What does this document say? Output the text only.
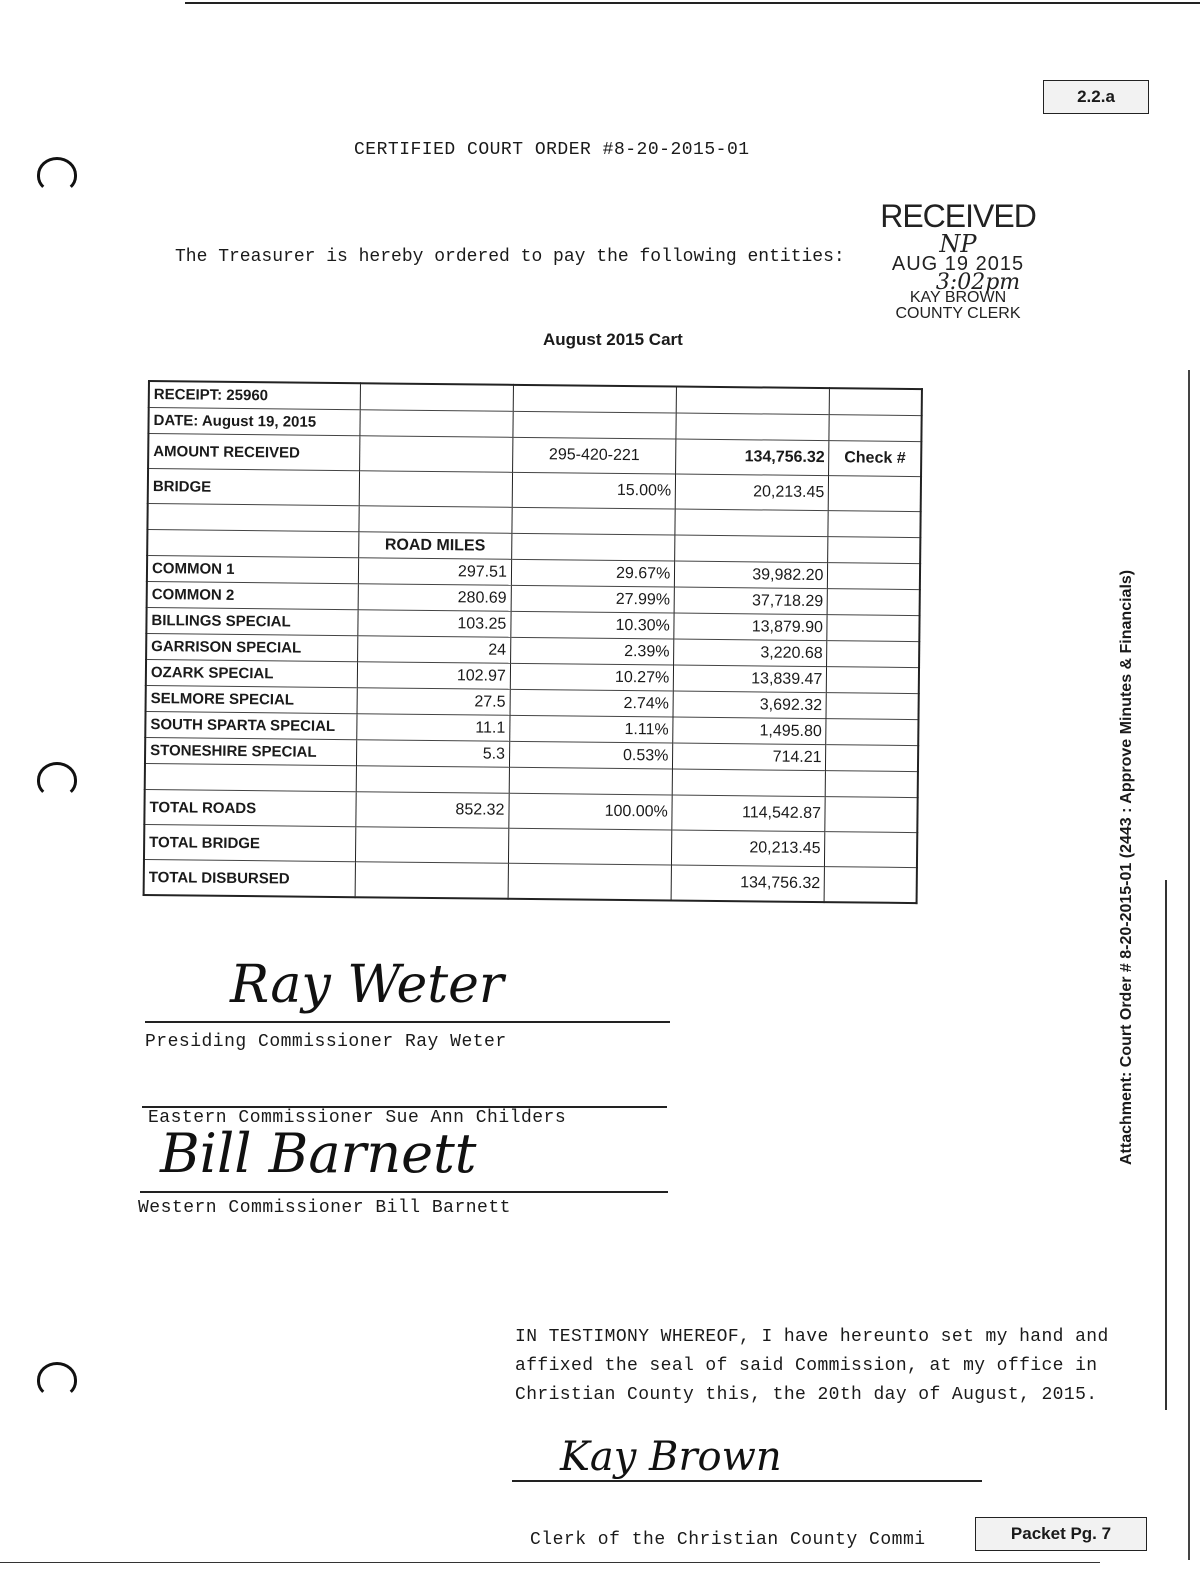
2.2.a
CERTIFIED COURT ORDER #8-20-2015-01
The Treasurer is hereby ordered to pay the following entities:
August 2015 Cart
RECEIVED
NP
AUG 19 2015
3:02pm
KAY BROWN
COUNTY CLERK
RECEIPT: 25960				
DATE: August 19, 2015				
AMOUNT RECEIVED		295-420-221	134,756.32	Check #
BRIDGE		15.00%	20,213.45	

	ROAD MILES			
COMMON 1	297.51	29.67%	39,982.20	
COMMON 2	280.69	27.99%	37,718.29	
BILLINGS SPECIAL	103.25	10.30%	13,879.90	
GARRISON SPECIAL	24	2.39%	3,220.68	
OZARK SPECIAL	102.97	10.27%	13,839.47	
SELMORE SPECIAL	27.5	2.74%	3,692.32	
SOUTH SPARTA SPECIAL	11.1	1.11%	1,495.80	
STONESHIRE SPECIAL	5.3	0.53%	714.21	

TOTAL ROADS	852.32	100.00%	114,542.87	
TOTAL BRIDGE			20,213.45	
TOTAL DISBURSED			134,756.32	
Ray Weter
Presiding Commissioner Ray Weter
Eastern Commissioner Sue Ann Childers
Bill Barnett
Western Commissioner Bill Barnett
IN TESTIMONY WHEREOF, I have hereunto set my hand and affixed the seal of said Commission, at my office in Christian County this, the 20th day of August, 2015.
Kay Brown
Clerk of the Christian County Commi	Packet Pg. 7
Attachment: Court Order # 8-20-2015-01 (2443 : Approve Minutes & Financials)
